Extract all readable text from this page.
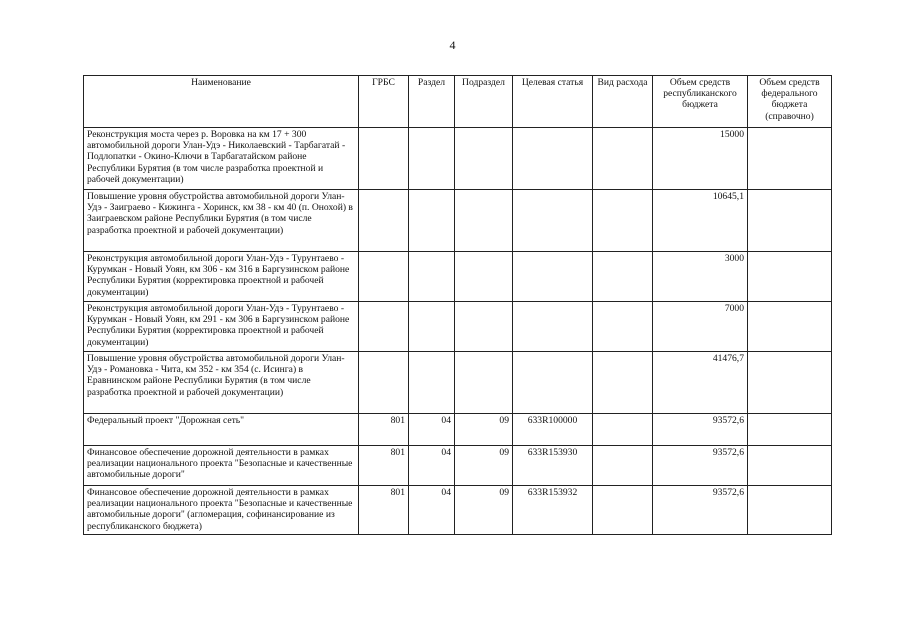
4
Наименование	ГРБС	Раздел	Подраздел	Целевая статья	Вид расхода	Объем средств республиканского бюджета	Объем средств федерального бюджета (справочно)
Реконструкция моста через р. Воровка на км 17 + 300 автомобильной дороги Улан-Удэ - Николаевский - Тарбагатай - Подлопатки - Окино-Ключи в Тарбагатайском районе Республики Бурятия (в том числе разработка проектной и рабочей документации)						15000	
Повышение уровня обустройства автомобильной дороги Улан-Удэ - Заиграево - Кижинга - Хоринск, км 38 - км 40 (п. Онохой) в Заиграевском районе Республики Бурятия (в том числе разработка проектной и рабочей документации)						10645,1	
Реконструкция автомобильной дороги Улан-Удэ - Турунтаево - Курумкан - Новый Уоян, км 306 - км 316 в Баргузинском районе Республики Бурятия (корректировка проектной и рабочей документации)						3000	
Реконструкция автомобильной дороги Улан-Удэ - Турунтаево - Курумкан - Новый Уоян, км 291 - км 306 в Баргузинском районе Республики Бурятия (корректировка проектной и рабочей документации)						7000	
Повышение уровня обустройства автомобильной дороги Улан-Удэ - Романовка - Чита, км 352 - км 354 (с. Исинга) в Еравнинском районе Республики Бурятия (в том числе разработка проектной и рабочей документации)						41476,7	
Федеральный проект "Дорожная сеть"	801	04	09	633R100000		93572,6	
Финансовое обеспечение дорожной деятельности в рамках реализации национального проекта "Безопасные и качественные автомобильные дороги"	801	04	09	633R153930		93572,6	
Финансовое обеспечение дорожной деятельности в рамках реализации национального проекта "Безопасные и качественные автомобильные дороги" (агломерация, софинансирование из республиканского бюджета)	801	04	09	633R153932		93572,6	
